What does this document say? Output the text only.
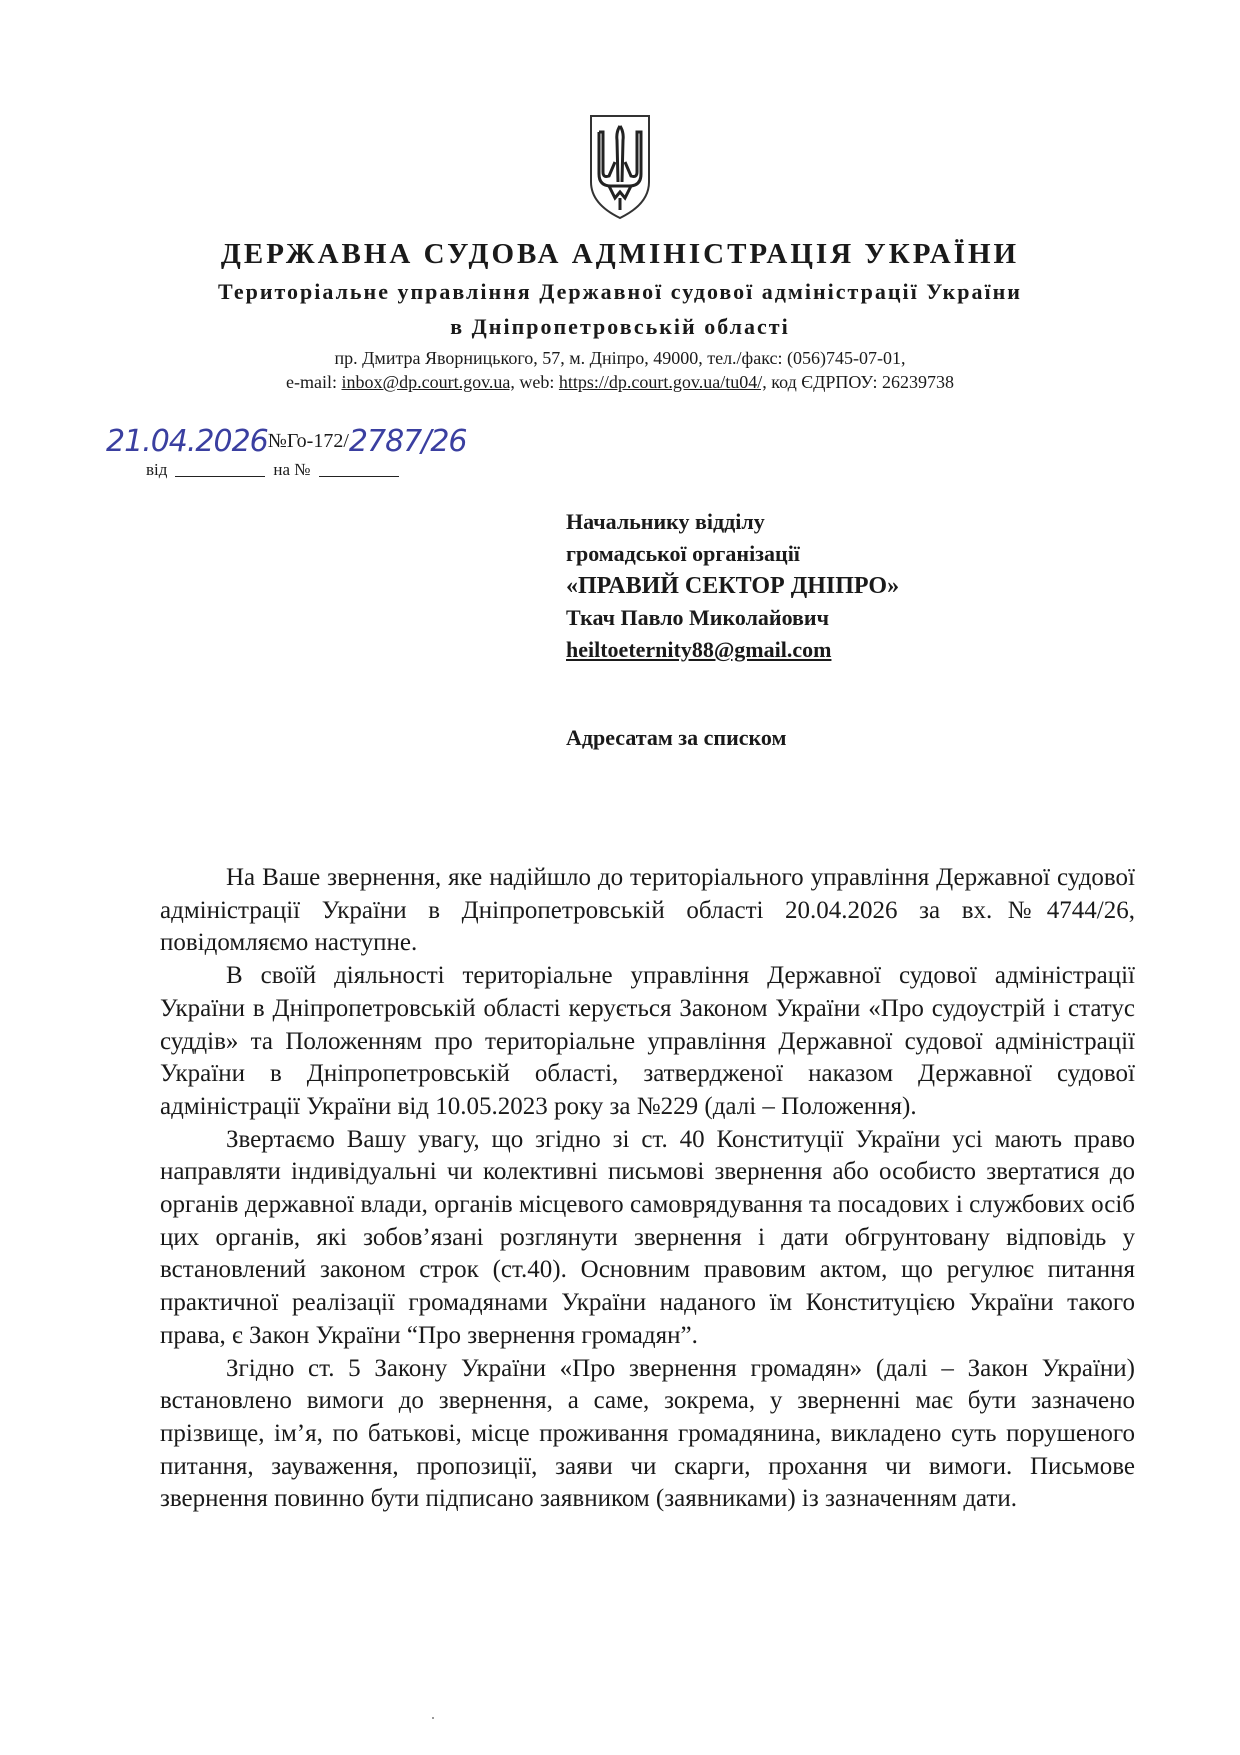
ДЕРЖАВНА СУДОВА АДМІНІСТРАЦІЯ УКРАЇНИ
Територіальне управління Державної судової адміністрації України
в Дніпропетровській області
пр. Дмитра Яворницького, 57, м. Дніпро, 49000, тел./факс: (056)745-07-01,
e-mail: inbox@dp.court.gov.ua, web: https://dp.court.gov.ua/tu04/, код ЄДРПОУ: 26239738
21.04.2026№Го-172/2787/26
від	на №
Начальнику відділу
громадської організації
«ПРАВИЙ СЕКТОР ДНІПРО»
Ткач Павло Миколайович
heiltoeternity88@gmail.com
Адресатам за списком

На Ваше звернення, яке надійшло до територіального управління Державної судової адміністрації України в Дніпропетровській області 20.04.2026 за вх.№4744/26, повідомляємо наступне.

В своїй діяльності територіальне управління Державної судової адміністрації України в Дніпропетровській області керується Законом України «Про судоустрій і статус суддів» та Положенням про територіальне управління Державної судової адміністрації України в Дніпропетровській області, затвердженої наказом Державної судової адміністрації України від 10.05.2023 року за №229 (далі – Положення).

Звертаємо Вашу увагу, що згідно зі ст. 40 Конституції України усі мають право направляти індивідуальні чи колективні письмові звернення або особисто звертатися до органів державної влади, органів місцевого самоврядування та посадових і службових осіб цих органів, які зобов’язані розглянути звернення і дати обгрунтовану відповідь у встановлений законом строк (ст.40). Основним правовим актом, що регулює питання практичної реалізації громадянами України наданого їм Конституцією України такого права, є Закон України “Про звернення громадян”.

Згідно ст. 5 Закону України «Про звернення громадян» (далі – Закон України) встановлено вимоги до звернення, а саме, зокрема, у зверненні має бути зазначено прізвище, ім’я, по батькові, місце проживання громадянина, викладено суть порушеного питання, зауваження, пропозиції, заяви чи скарги, прохання чи вимоги. Письмове звернення повинно бути підписано заявником (заявниками) із зазначенням дати.
